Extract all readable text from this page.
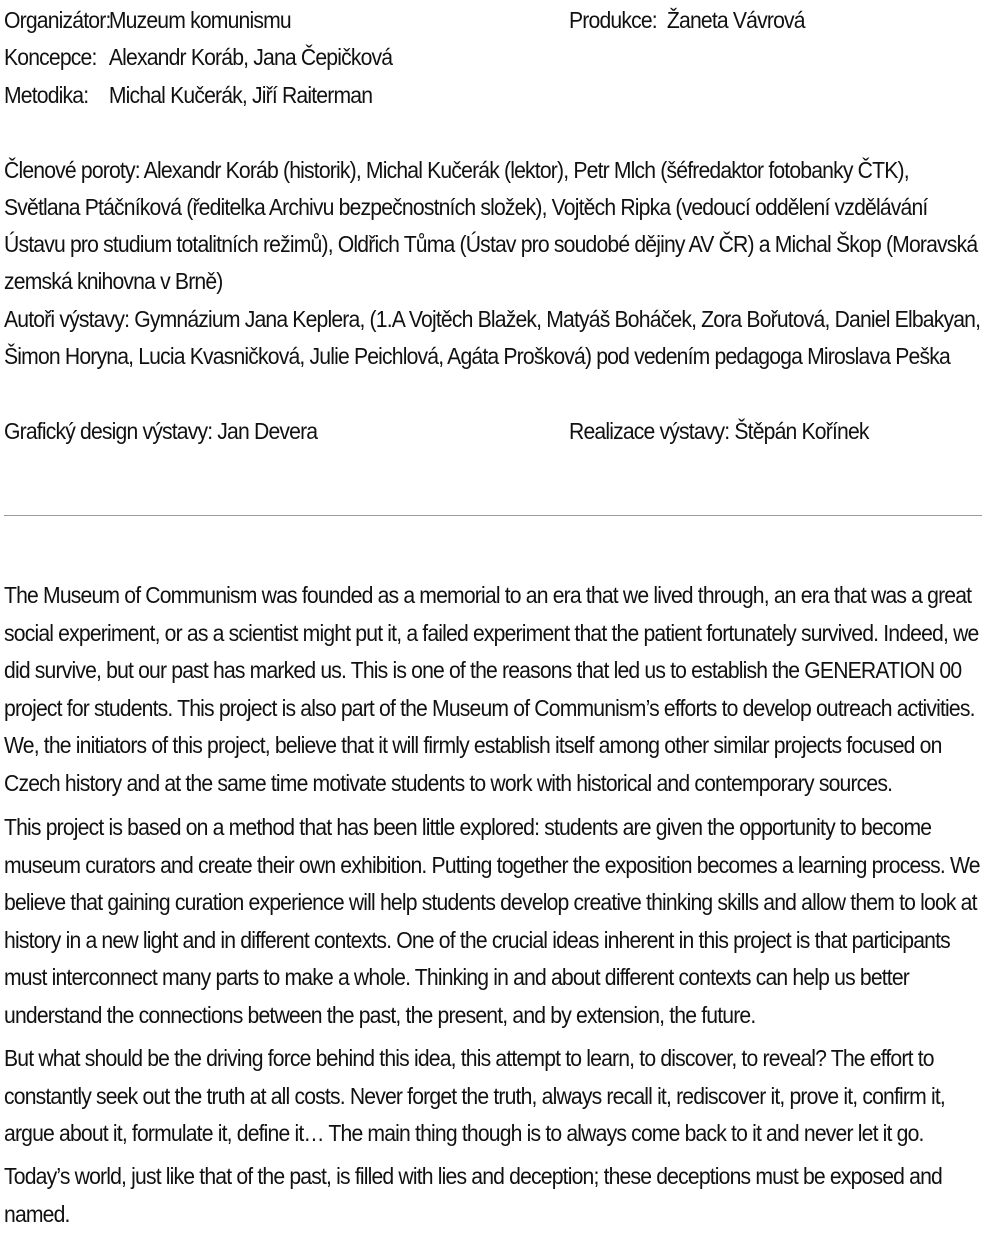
Organizátor:Muzeum komunismu
Koncepce: Alexandr Koráb, Jana Čepičková
Metodika: Michal Kučerák, Jiří Raiterman
Produkce: Žaneta Vávrová
Členové poroty: Alexandr Koráb (historik), Michal Kučerák (lektor), Petr Mlch (šéfredaktor fotobanky ČTK), Světlana Ptáčníková (ředitelka Archivu bezpečnostních složek), Vojtěch Ripka (vedoucí oddělení vzdělávání Ústavu pro studium totalitních režimů), Oldřich Tůma (Ústav pro soudobé dějiny AV ČR) a Michal Škop (Moravská zemská knihovna v Brně)
Autoři výstavy: Gymnázium Jana Keplera, (1.A Vojtěch Blažek, Matyáš Boháček, Zora Bořutová, Daniel Elbakyan, Šimon Horyna, Lucia Kvasničková, Julie Peichlová, Agáta Prošková) pod vedením pedagoga Miroslava Peška
Grafický design výstavy: Jan Devera	Realizace výstavy: Štěpán Kořínek

The Museum of Communism was founded as a memorial to an era that we lived through, an era that was a great social experiment, or as a scientist might put it, a failed experiment that the patient fortunately survived. Indeed, we did survive, but our past has marked us. This is one of the reasons that led us to establish the GENERATION 00 project for students. This project is also part of the Museum of Communism’s efforts to develop outreach activities. We, the initiators of this project, believe that it will firmly establish itself among other similar projects focused on Czech history and at the same time motivate students to work with historical and contemporary sources.

This project is based on a method that has been little explored: students are given the opportunity to become museum curators and create their own exhibition. Putting together the exposition becomes a learning process. We believe that gaining curation experience will help students develop creative thinking skills and allow them to look at history in a new light and in different contexts. One of the crucial ideas inherent in this project is that participants must interconnect many parts to make a whole. Thinking in and about different contexts can help us better understand the connections between the past, the present, and by extension, the future.

But what should be the driving force behind this idea, this attempt to learn, to discover, to reveal? The effort to constantly seek out the truth at all costs. Never forget the truth, always recall it, rediscover it, prove it, confirm it, argue about it, formulate it, define it… The main thing though is to always come back to it and never let it go.

Today’s world, just like that of the past, is filled with lies and deception; these deceptions must be exposed and named.
